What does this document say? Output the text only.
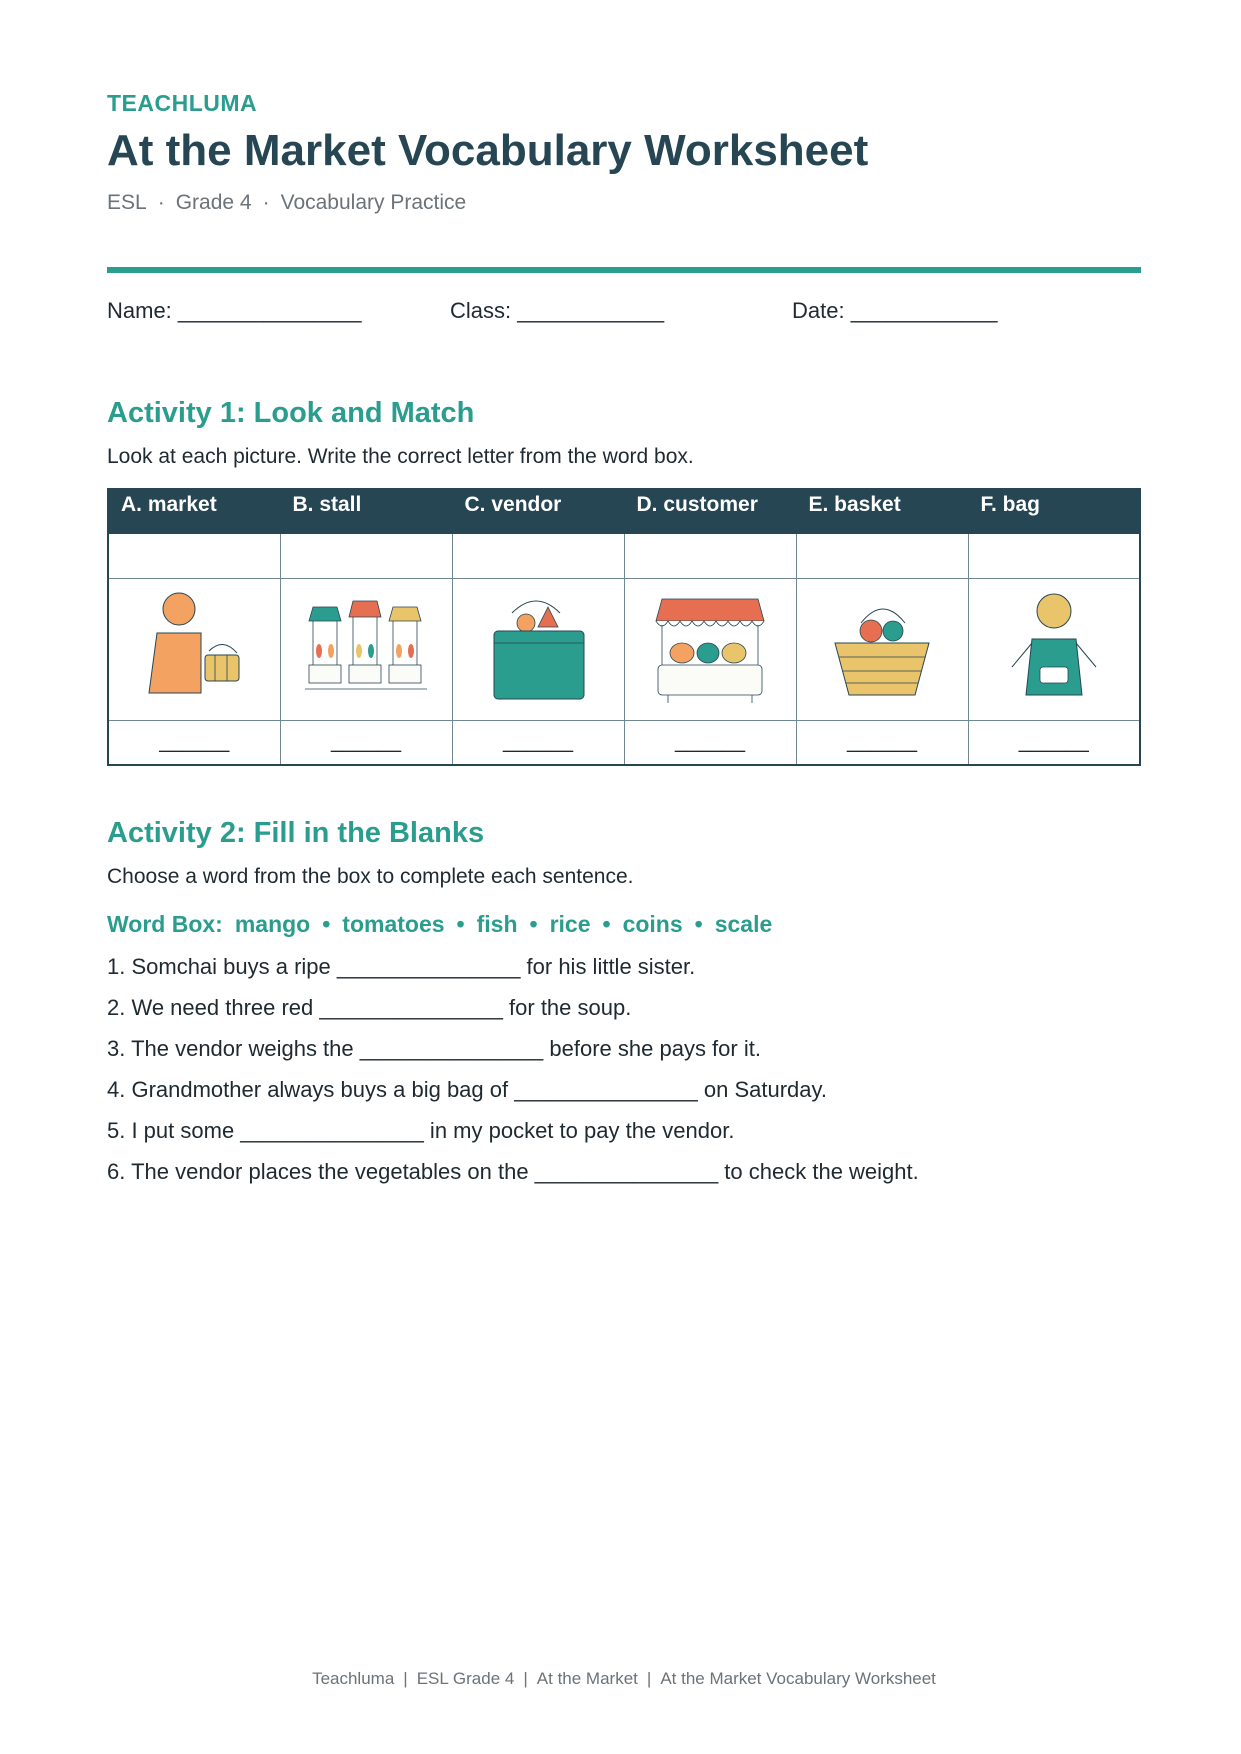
TEACHLUMA
At the Market Vocabulary Worksheet
ESL · Grade 4 · Vocabulary Practice
Name: _______________	Class: ____________	Date: ____________
Activity 1: Look and Match
Look at each picture. Write the correct letter from the word box.
A. market	B. stall	C. vendor	D. customer	E. basket	F. bag

______	______	______	______	______	______
Activity 2: Fill in the Blanks
Choose a word from the box to complete each sentence.
Word Box: mango • tomatoes • fish • rice • coins • scale
1. Somchai buys a ripe _______________ for his little sister.
2. We need three red _______________ for the soup.
3. The vendor weighs the _______________ before she pays for it.
4. Grandmother always buys a big bag of _______________ on Saturday.
5. I put some _______________ in my pocket to pay the vendor.
6. The vendor places the vegetables on the _______________ to check the weight.
Teachluma | ESL Grade 4 | At the Market | At the Market Vocabulary Worksheet
